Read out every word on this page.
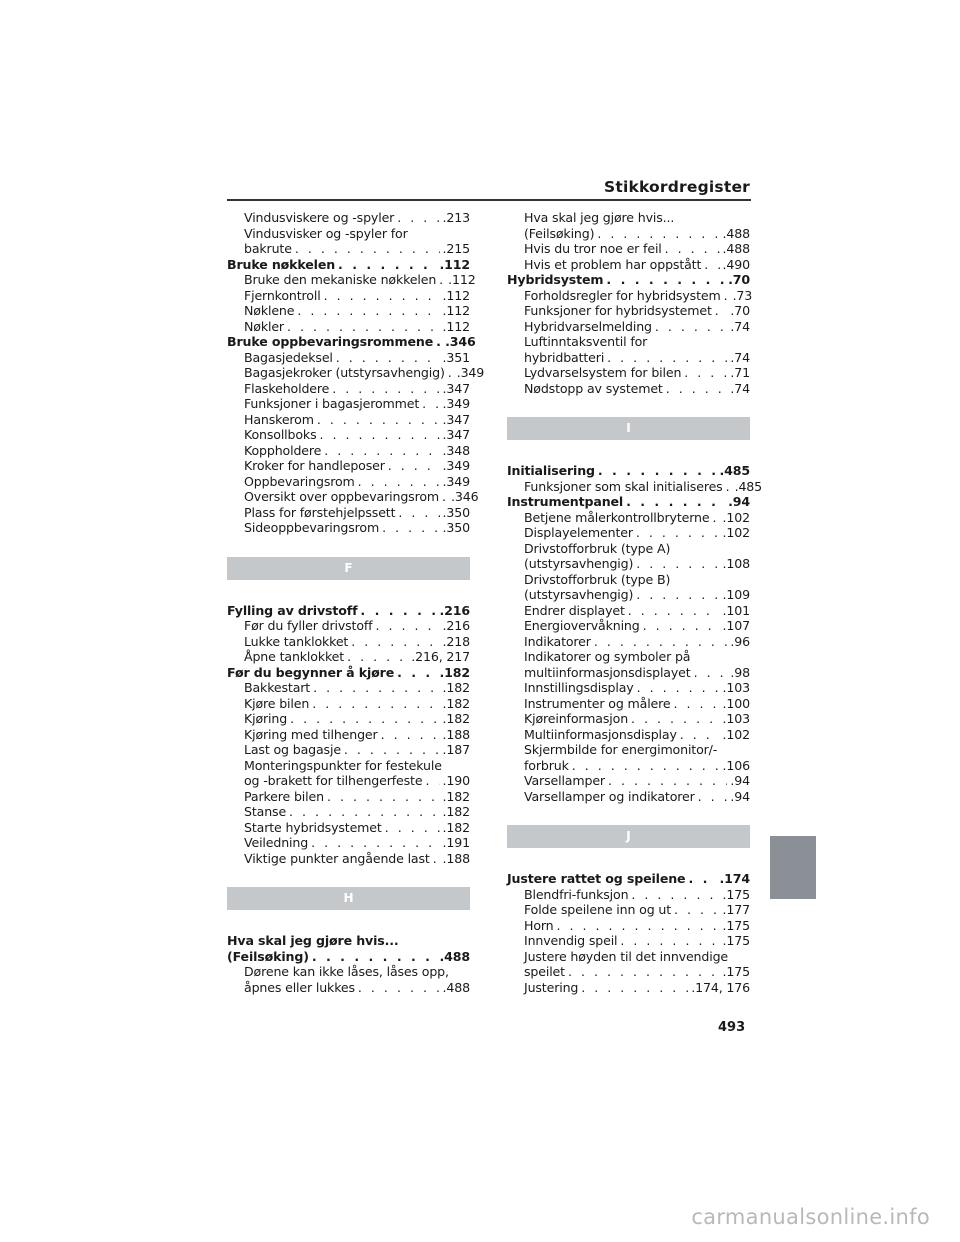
Stikkordregister
Vindusviskere og -spyler . . .	.213
Vindusvisker og -spyler for
bakrute . . .	.215
Bruke nøkkelen . . .	.112
Bruke den mekaniske nøkkelen . . . .112
Fjernkontroll . . .	.112
Nøklene . . .	.112
Nøkler . . .	.112
Bruke oppbevaringsrommene . . . .346
Bagasjedeksel . . .	.351
Bagasjekroker (utstyrsavhengig) . . . .349
Flaskeholdere . . .	.347
Funksjoner i bagasjerommet . . . .349
Hanskerom . . .	.347
Konsollboks . . .	.347
Koppholdere . . .	.348
Kroker for handleposer . . .	.349
Oppbevaringsrom . . .	.349
Oversikt over oppbevaringsrom . . . .346
Plass for førstehjelpssett . . .	.350
Sideoppbevaringsrom . . .	.350
F
Fylling av drivstoff . . .	.216
Før du fyller drivstoff . . .	.216
Lukke tanklokket . . .	.218
Åpne tanklokket . . .	.216, 217
Før du begynner å kjøre . . .	.182
Bakkestart . . .	.182
Kjøre bilen . . .	.182
Kjøring . . .	.182
Kjøring med tilhenger . . .	.188
Last og bagasje . . .	.187
Monteringspunkter for festekule
og -brakett for tilhengerfeste . . . .190
Parkere bilen . . .	.182
Stanse . . .	.182
Starte hybridsystemet . . .	.182
Veiledning . . .	.191
Viktige punkter angående last . . . .188
H
Hva skal jeg gjøre hvis...
(Feilsøking) . . .	.488
Dørene kan ikke låses, låses opp,
åpnes eller lukkes . . .	.488
Hva skal jeg gjøre hvis...
(Feilsøking) . . .	.488
Hvis du tror noe er feil . . .	.488
Hvis et problem har oppstått . . . .490
Hybridsystem . . .	.70
Forholdsregler for hybridsystem . . . .73
Funksjoner for hybridsystemet . . . .70
Hybridvarselmelding . . .	.74
Luftinntaksventil for
hybridbatteri . . .	.74
Lydvarselsystem for bilen . . .	.71
Nødstopp av systemet . . .	.74
I
Initialisering . . .	.485
Funksjoner som skal initialiseres . . . .485
Instrumentpanel . . .	.94
Betjene målerkontrollbryterne . . . .102
Displayelementer . . .	.102
Drivstofforbruk (type A)
(utstyrsavhengig) . . .	.108
Drivstofforbruk (type B)
(utstyrsavhengig) . . .	.109
Endrer displayet . . .	.101
Energiovervåkning . . .	.107
Indikatorer . . .	.96
Indikatorer og symboler på
multiinformasjonsdisplayet . . .	.98
Innstillingsdisplay . . .	.103
Instrumenter og målere . . .	.100
Kjøreinformasjon . . .	.103
Multiinformasjonsdisplay . . .	.102
Skjermbilde for energimonitor/-
forbruk . . .	.106
Varsellamper . . .	.94
Varsellamper og indikatorer . . .	.94
J
Justere rattet og speilene . . .	.174
Blendfri-funksjon . . .	.175
Folde speilene inn og ut . . .	.177
Horn . . .	.175
Innvendig speil . . .	.175
Justere høyden til det innvendige
speilet . . .	.175
Justering . . .	.174, 176
493
carmanualsonline.info
